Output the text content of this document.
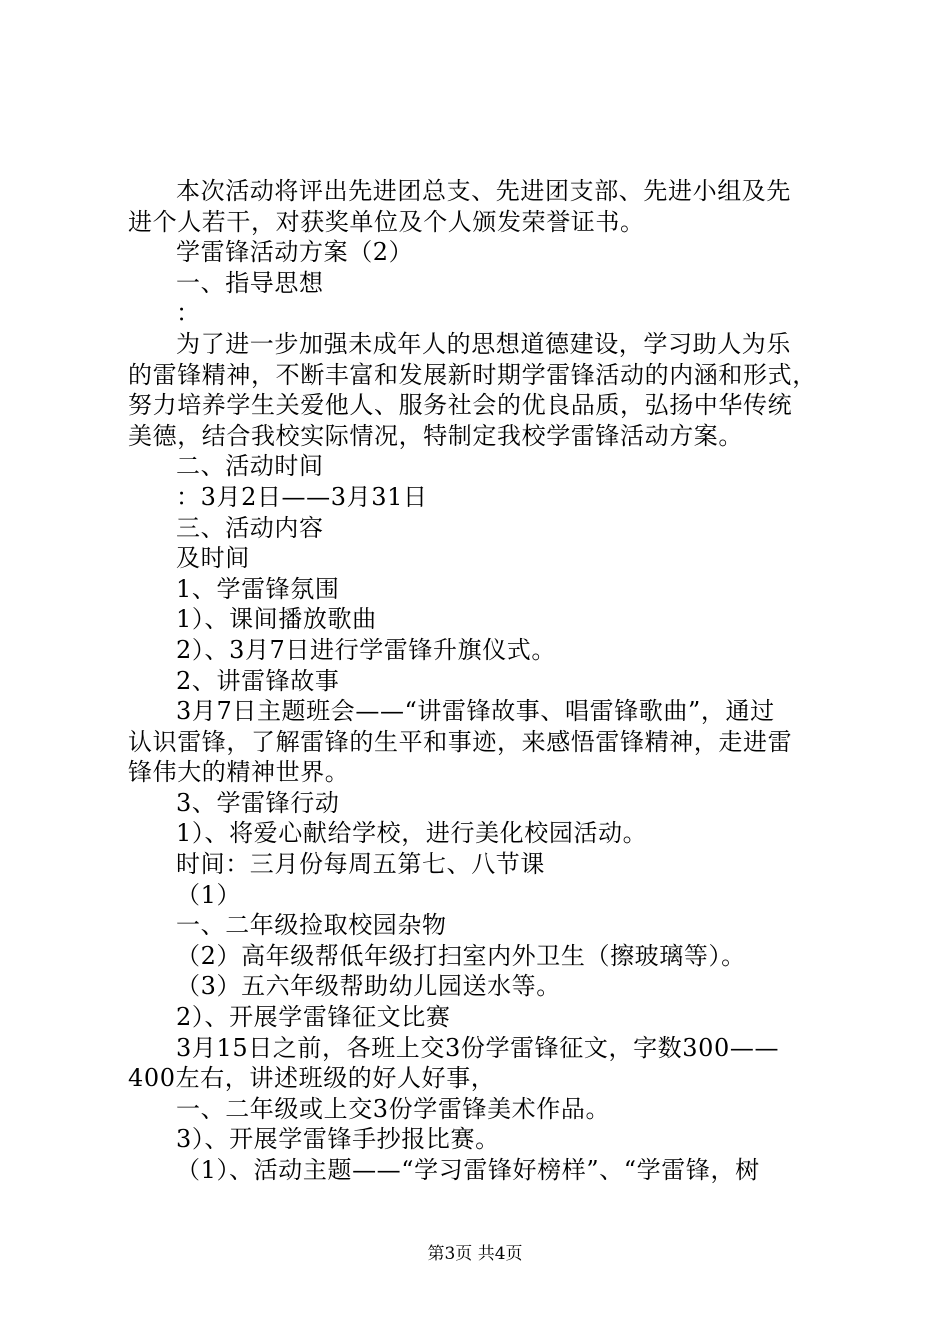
本次活动将评出先进团总支、先进团支部、先进小组及先
进个人若干，对获奖单位及个人颁发荣誉证书。
学雷锋活动方案（2）
一、指导思想
：
为了进一步加强未成年人的思想道德建设，学习助人为乐
的雷锋精神，不断丰富和发展新时期学雷锋活动的内涵和形式，
努力培养学生关爱他人、服务社会的优良品质，弘扬中华传统
美德，结合我校实际情况，特制定我校学雷锋活动方案。
二、活动时间
：3月2日——3月31日
三、活动内容
及时间
1、学雷锋氛围
1）、课间播放歌曲
2）、3月7日进行学雷锋升旗仪式。
2、讲雷锋故事
3月7日主题班会——“讲雷锋故事、唱雷锋歌曲”，通过
认识雷锋，了解雷锋的生平和事迹，来感悟雷锋精神，走进雷
锋伟大的精神世界。
3、学雷锋行动
1）、将爱心献给学校，进行美化校园活动。
时间：三月份每周五第七、八节课
（1）
一、二年级捡取校园杂物
（2）高年级帮低年级打扫室内外卫生（擦玻璃等）。
（3）五六年级帮助幼儿园送水等。
2）、开展学雷锋征文比赛
3月15日之前，各班上交3份学雷锋征文，字数300——
400左右，讲述班级的好人好事，
一、二年级或上交3份学雷锋美术作品。
3）、开展学雷锋手抄报比赛。
（1）、活动主题——“学习雷锋好榜样”、“学雷锋，树
第3页 共4页
